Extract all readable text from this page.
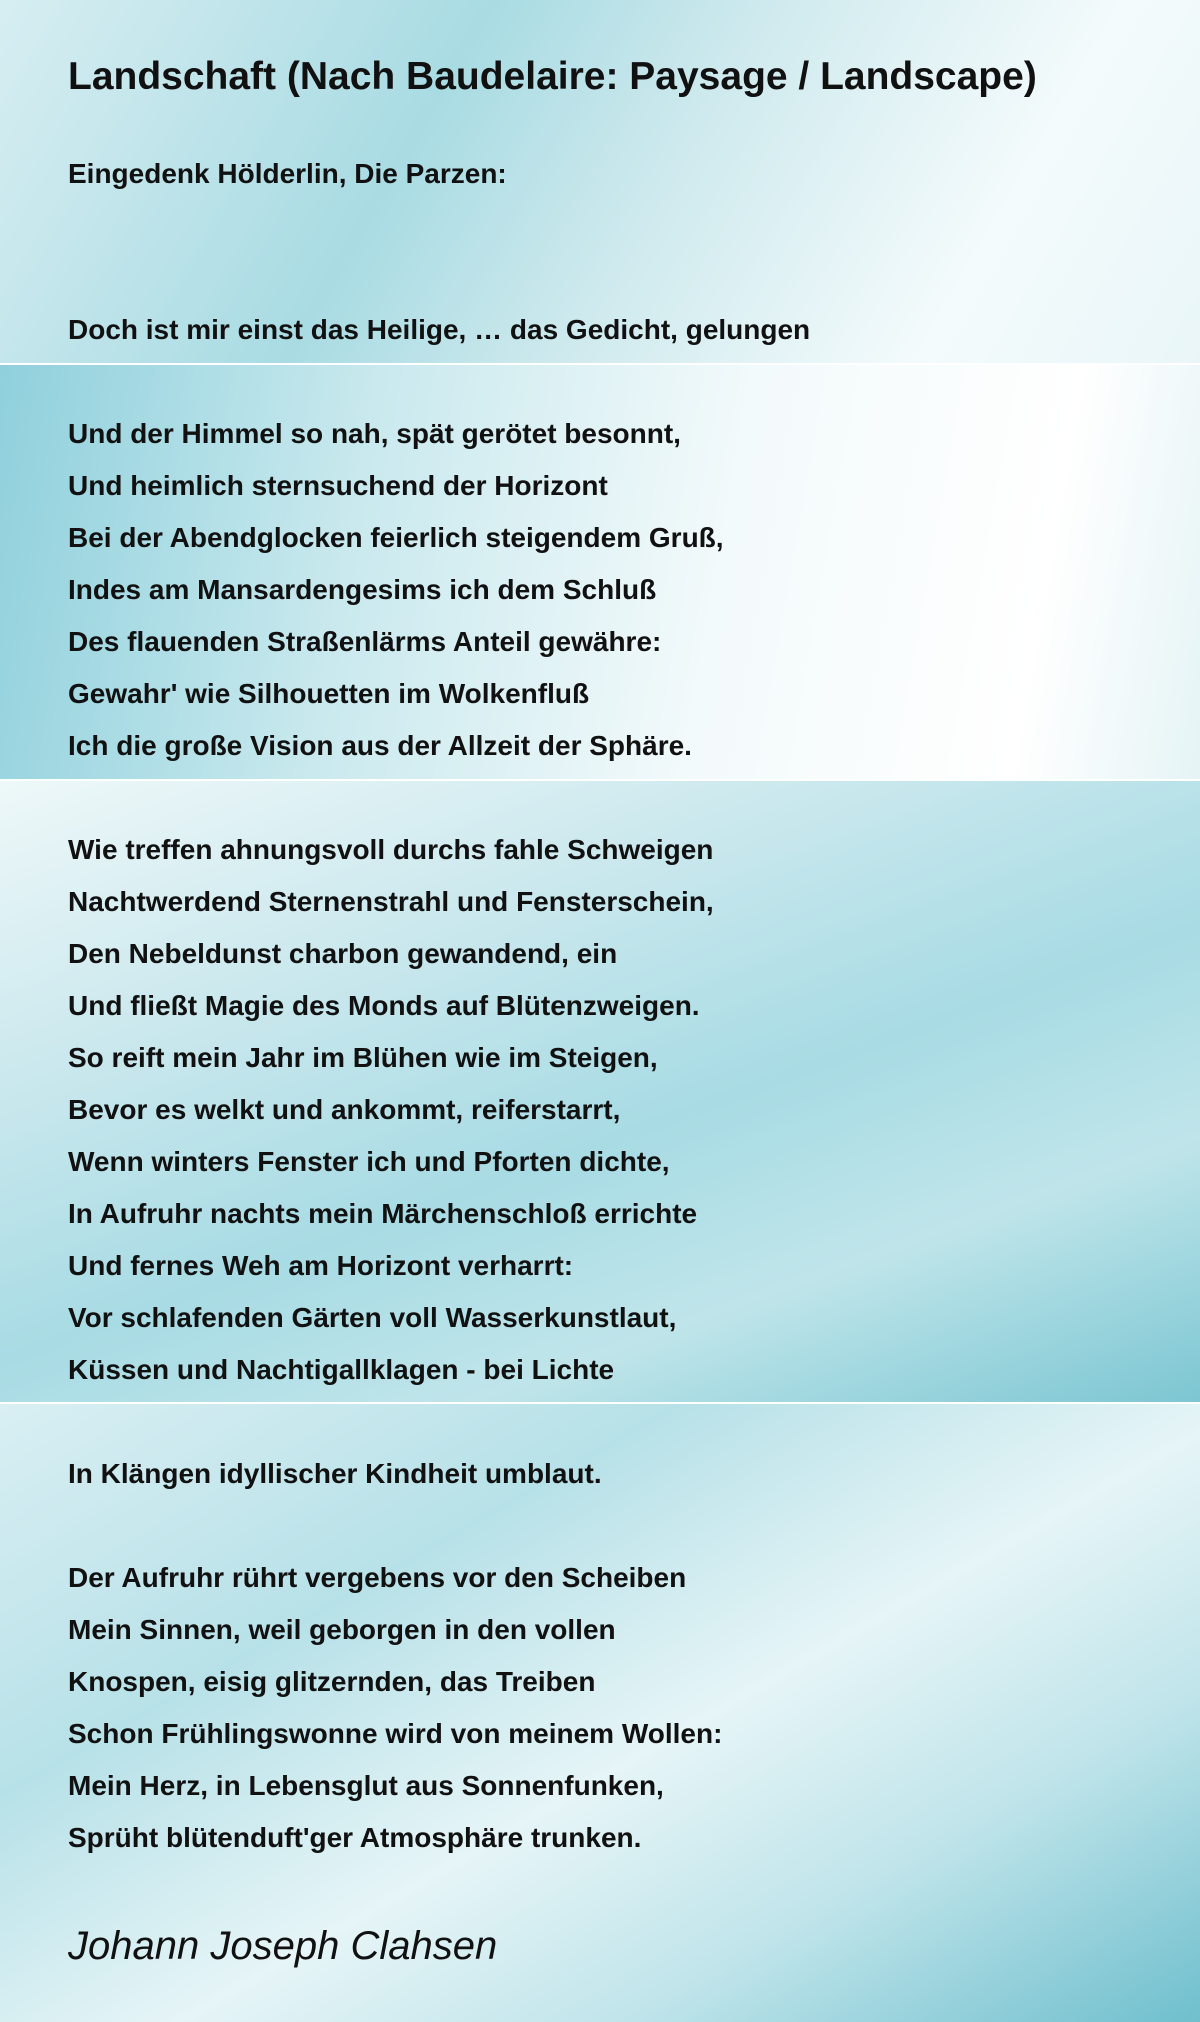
Landschaft (Nach Baudelaire: Paysage / Landscape)

Eingedenk Hölderlin, Die Parzen:

Doch ist mir einst das Heilige, … das Gedicht, gelungen

Und der Himmel so nah, spät gerötet besonnt,

Und heimlich sternsuchend der Horizont

Bei der Abendglocken feierlich steigendem Gruß,

Indes am Mansardengesims ich dem Schluß

Des flauenden Straßenlärms Anteil gewähre:

Gewahr' wie Silhouetten im Wolkenfluß

Ich die große Vision aus der Allzeit der Sphäre.

Wie treffen ahnungsvoll durchs fahle Schweigen

Nachtwerdend Sternenstrahl und Fensterschein,

Den Nebeldunst charbon gewandend, ein

Und fließt Magie des Monds auf Blütenzweigen.

So reift mein Jahr im Blühen wie im Steigen,

Bevor es welkt und ankommt, reiferstarrt,

Wenn winters Fenster ich und Pforten dichte,

In Aufruhr nachts mein Märchenschloß errichte

Und fernes Weh am Horizont verharrt:

Vor schlafenden Gärten voll Wasserkunstlaut,

Küssen und Nachtigallklagen - bei Lichte

In Klängen idyllischer Kindheit umblaut.

Der Aufruhr rührt vergebens vor den Scheiben

Mein Sinnen, weil geborgen in den vollen

Knospen, eisig glitzernden, das Treiben

Schon Frühlingswonne wird von meinem Wollen:

Mein Herz, in Lebensglut aus Sonnenfunken,

Sprüht blütenduft'ger Atmosphäre trunken.

Johann Joseph Clahsen
